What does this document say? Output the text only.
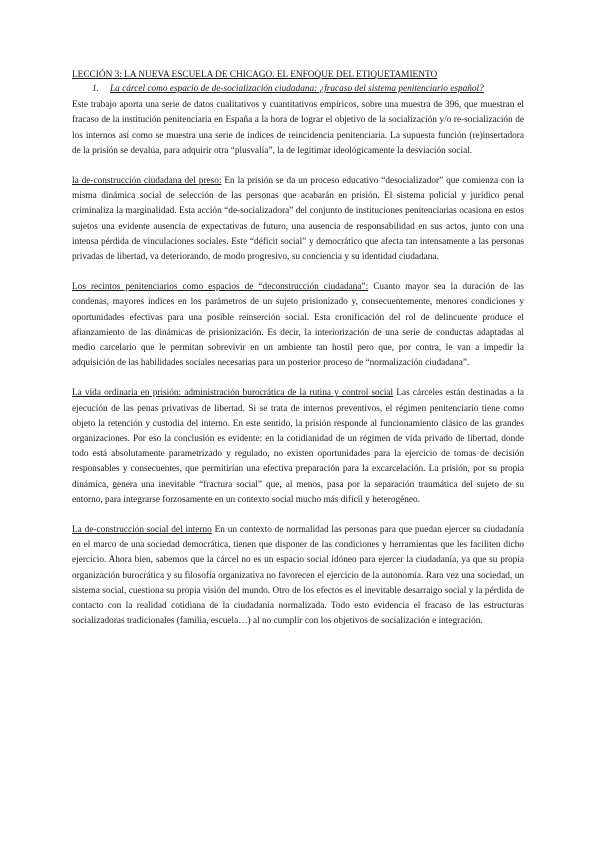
LECCIÓN 3: LA NUEVA ESCUELA DE CHICAGO. EL ENFOQUE DEL ETIQUETAMIENTO

1.	La cárcel como espacio de de-socialización ciudadana: ¿fracaso del sistema penitenciario español?

Este trabajo aporta una serie de datos cualitativos y cuantitativos empíricos, sobre una muestra de 396, que muestran el fracaso de la institución penitenciaria en España a la hora de lograr el objetivo de la socialización y/o re-socialización de los internos así como se muestra una serie de índices de reincidencia penitenciaria. La supuesta función (re)insertadora de la prisión se devalúa, para adquirir otra “plusvalía”, la de legitimar ideológicamente la desviación social.

la de-construcción ciudadana del preso: En la prisión se da un proceso educativo “desocializador” que comienza con la misma dinámica social de selección de las personas que acabarán en prisión. El sistema policial y jurídico penal criminaliza la marginalidad. Esta acción “de-socializadora” del conjunto de instituciones penitenciarias ocasiona en estos sujetos una evidente ausencia de expectativas de futuro, una ausencia de responsabilidad en sus actos, junto con una intensa pérdida de vinculaciones sociales. Este “déficit social” y democrático que afecta tan intensamente a las personas privadas de libertad, va deteriorando, de modo progresivo, su conciencia y su identidad ciudadana.

Los recintos penitenciarios como espacios de “deconstrucción ciudadana”: Cuanto mayor sea la duración de las condenas, mayores índices en los parámetros de un sujeto prisionizado y, consecuentemente, menores condiciones y oportunidades efectivas para una posible reinserción social. Esta cronificación del rol de delincuente produce el afianzamiento de las dinámicas de prisionización. Es decir, la interiorización de una serie de conductas adaptadas al medio carcelario que le permitan sobrevivir en un ambiente tan hostil pero que, por contra, le van a impedir la adquisición de las habilidades sociales necesarias para un posterior proceso de “normalización ciudadana”.

La vida ordinaria en prisión: administración burocrática de la rutina y control social Las cárceles están destinadas a la ejecución de las penas privativas de libertad. Si se trata de internos preventivos, el régimen penitenciario tiene como objeto la retención y custodia del interno. En este sentido, la prisión responde al funcionamiento clásico de las grandes organizaciones. Por eso la conclusión es evidente: en la cotidianidad de un régimen de vida privado de libertad, donde todo está absolutamente parametrizado y regulado, no existen oportunidades para la ejercicio de tomas de decisión responsables y consecuentes, que permitirían una efectiva preparación para la excarcelación. La prisión, por su propia dinámica, genera una inevitable “fractura social” que, al menos, pasa por la separación traumática del sujeto de su entorno, para integrarse forzosamente en un contexto social mucho más difícil y heterogéneo.

La de-construcción social del interno En un contexto de normalidad las personas para que puedan ejercer su ciudadanía en el marco de una sociedad democrática, tienen que disponer de las condiciones y herramientas que les faciliten dicho ejercicio. Ahora bien, sabemos que la cárcel no es un espacio social idóneo para ejercer la ciudadanía, ya que su propia organización burocrática y su filosofía organizativa no favorecen el ejercicio de la autonomía. Rara vez una sociedad, un sistema social, cuestiona su propia visión del mundo. Otro de los efectos es el inevitable desarraigo social y la pérdida de contacto con la realidad cotidiana de la ciudadanía normalizada. Todo esto evidencia el fracaso de las estructuras socializadoras tradicionales (familia, escuela…) al no cumplir con los objetivos de socialización e integración.
